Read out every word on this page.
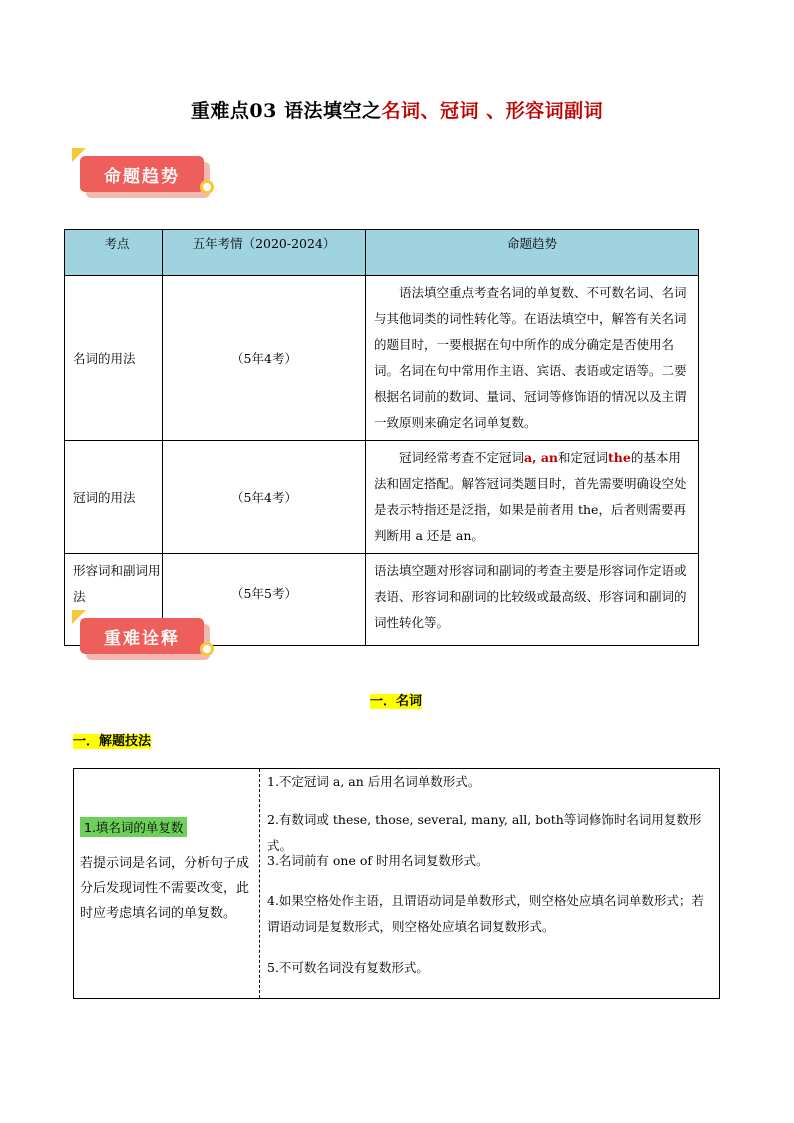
重难点03 语法填空之名词、冠词 、形容词副词
命题趋势
考点	五年考情（2020-2024）	命题趋势
名词的用法	（5年4考）	语法填空重点考查名词的单复数、不可数名词、名词与其他词类的词性转化等。在语法填空中，解答有关名词的题目时，一要根据在句中所作的成分确定是否使用名词。名词在句中常用作主语、宾语、表语或定语等。二要根据名词前的数词、量词、冠词等修饰语的情况以及主谓一致原则来确定名词单复数。
冠词的用法	（5年4考）	冠词经常考查不定冠词a, an和定冠词the的基本用法和固定搭配。解答冠词类题目时，首先需要明确设空处是表示特指还是泛指，如果是前者用 the，后者则需要再判断用 a 还是 an。
形容词和副词用法	（5年5考）	语法填空题对形容词和副词的考查主要是形容词作定语或表语、形容词和副词的比较级或最高级、形容词和副词的词性转化等。
重难诠释
一．名词
一．解题技法
1.填名词的单复数
若提示词是名词，分析句子成分后发现词性不需要改变，此时应考虑填名词的单复数。
1.不定冠词 a, an 后用名词单数形式。
2.有数词或 these, those, several, many, all, both等词修饰时名词用复数形式。
3.名词前有 one of 时用名词复数形式。
4.如果空格处作主语，且谓语动词是单数形式，则空格处应填名词单数形式；若谓语动词是复数形式，则空格处应填名词复数形式。
5.不可数名词没有复数形式。
